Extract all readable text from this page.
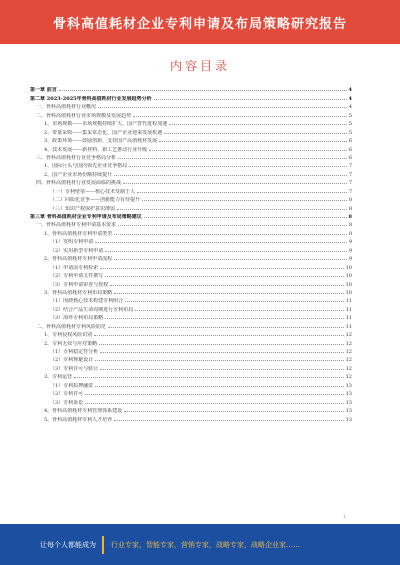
骨科高值耗材企业专利申请及布局策略研究报告
内容目录
第一章 前言	4
第二章 2023-2025年骨科高值耗材行业发展趋势分析	4
一、骨科高值耗材行业概况	4
二、骨科高值耗材行业市场规模及发展趋势	5
1、市场规模——市场规模持续扩大，国产替代进程加速	5
2、带量采购——集采常态化，国产企业迎来发展机遇	5
3、政策环境——鼓励创新，支持国产高值耗材发展	6
4、技术发展——新材料、新工艺推动行业升级	6
三、骨科高值耗材行业竞争格局分析	6
1、国际巨头与国内领先企业竞争格局	7
2、国产企业市场份额持续提升	7
四、骨科高值耗材行业发展面临的挑战	7
（一）专利壁垒——核心技术受制于人	7
（二）同质化竞争——创新能力有待提升	8
（三）知识产权保护意识薄弱	8
第三章 骨科高值耗材企业专利申请及布局策略建议	8
一、骨科高值耗材专利申请基本要求	8
1、骨科高值耗材专利申请类型	8
（1）发明专利申请	9
（2）实用新型专利申请	9
2、骨科高值耗材专利申请流程	9
（1）申请前专利检索	10
（2）专利申请文件撰写	10
（3）专利申请审查与授权	10
3、骨科高值耗材专利布局策略	10
（1）围绕核心技术构建专利组合	11
（2）结合产品生命周期进行专利布局	11
（3）海外专利布局策略	11
二、骨科高值耗材专利风险防范	11
1、专利侵权风险识别	12
2、专利无效与应对策略	12
（1）专利稳定性分析	12
（2）专利规避设计	12
（3）专利许可与转让	12
3、专利运营	12
（1）专利质押融资	13
（2）专利许可	13
（3）专利诉讼	13
4、骨科高值耗材专利管理体系建设	13
5、骨科高值耗材专利人才培养	13
1
让每个人都能成为 行业专家，智能专家，营销专家，战略专家，战略企业家……
